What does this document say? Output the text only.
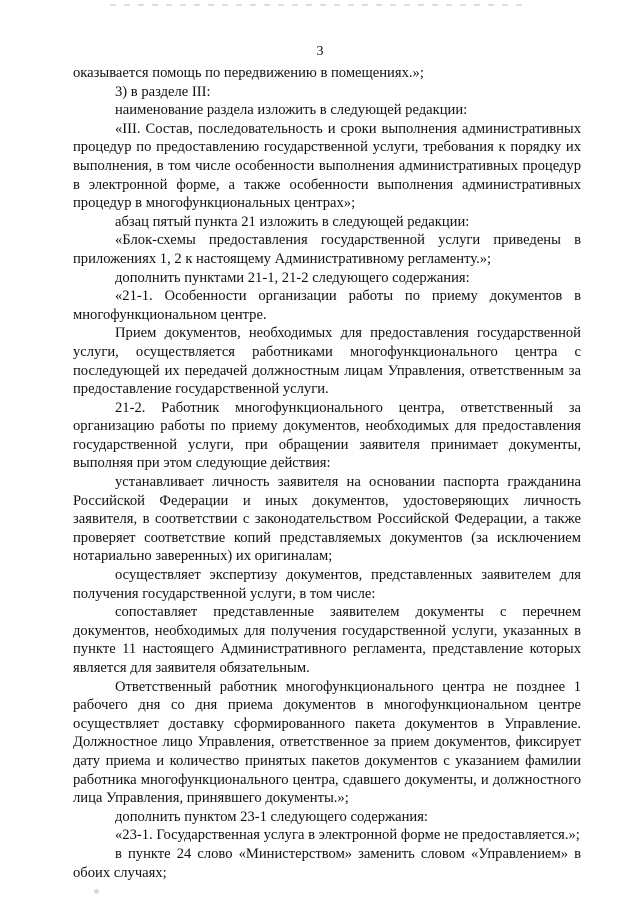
3

оказывается помощь по передвижению в помещениях.»;

3) в разделе III:

наименование раздела изложить в следующей редакции:

«III. Состав, последовательность и сроки выполнения административных процедур по предоставлению государственной услуги, требования к порядку их выполнения, в том числе особенности выполнения административных процедур в электронной форме, а также особенности выполнения административных процедур в многофункциональных центрах»;

абзац пятый пункта 21 изложить в следующей редакции:

«Блок-схемы предоставления государственной услуги приведены в приложениях 1, 2 к настоящему Административному регламенту.»;

дополнить пунктами 21-1, 21-2 следующего содержания:

«21-1. Особенности организации работы по приему документов в многофункциональном центре.

Прием документов, необходимых для предоставления государственной услуги, осуществляется работниками многофункционального центра с последующей их передачей должностным лицам Управления, ответственным за предоставление государственной услуги.

21-2. Работник многофункционального центра, ответственный за организацию работы по приему документов, необходимых для предоставления государственной услуги, при обращении заявителя принимает документы, выполняя при этом следующие действия:

устанавливает личность заявителя на основании паспорта гражданина Российской Федерации и иных документов, удостоверяющих личность заявителя, в соответствии с законодательством Российской Федерации, а также проверяет соответствие копий представляемых документов (за исключением нотариально заверенных) их оригиналам;

осуществляет экспертизу документов, представленных заявителем для получения государственной услуги, в том числе:

сопоставляет представленные заявителем документы с перечнем документов, необходимых для получения государственной услуги, указанных в пункте 11 настоящего Административного регламента, представление которых является для заявителя обязательным.

Ответственный работник многофункционального центра не позднее 1 рабочего дня со дня приема документов в многофункциональном центре осуществляет доставку сформированного пакета документов в Управление. Должностное лицо Управления, ответственное за прием документов, фиксирует дату приема и количество принятых пакетов документов с указанием фамилии работника многофункционального центра, сдавшего документы, и должностного лица Управления, принявшего документы.»;

дополнить пунктом 23-1 следующего содержания:

«23-1. Государственная услуга в электронной форме не предоставляется.»;

в пункте 24 слово «Министерством» заменить словом «Управлением» в обоих случаях;
